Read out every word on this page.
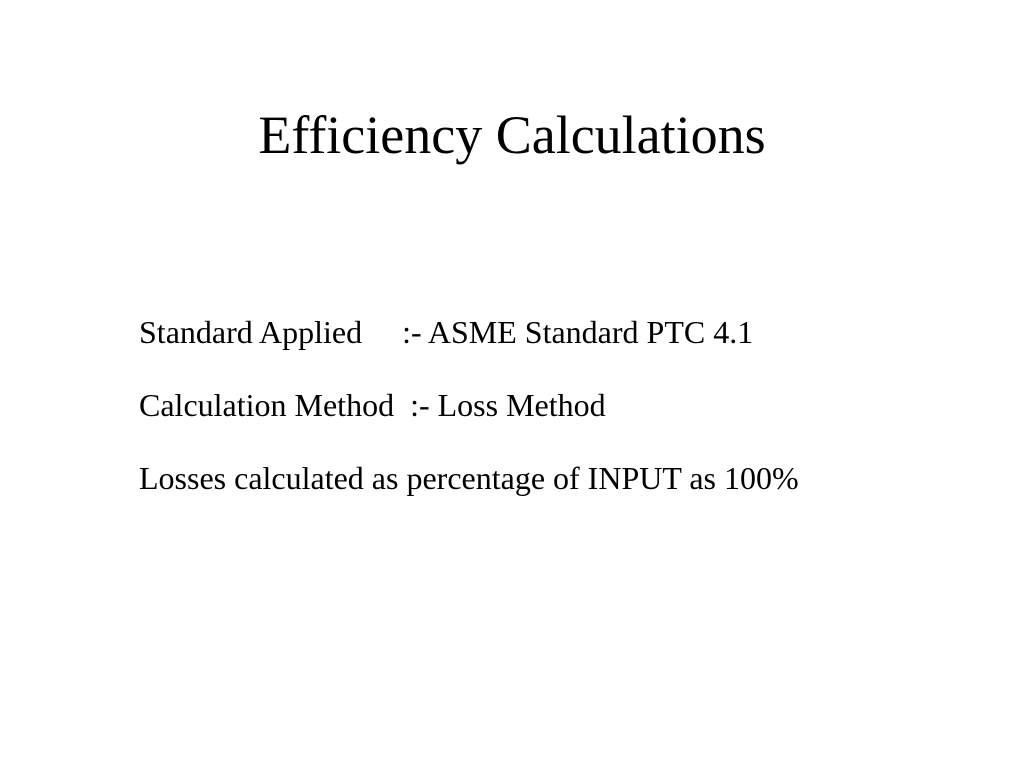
Efficiency Calculations

Standard Applied     :- ASME Standard PTC 4.1

Calculation Method  :- Loss Method

Losses calculated as percentage of INPUT as 100%
